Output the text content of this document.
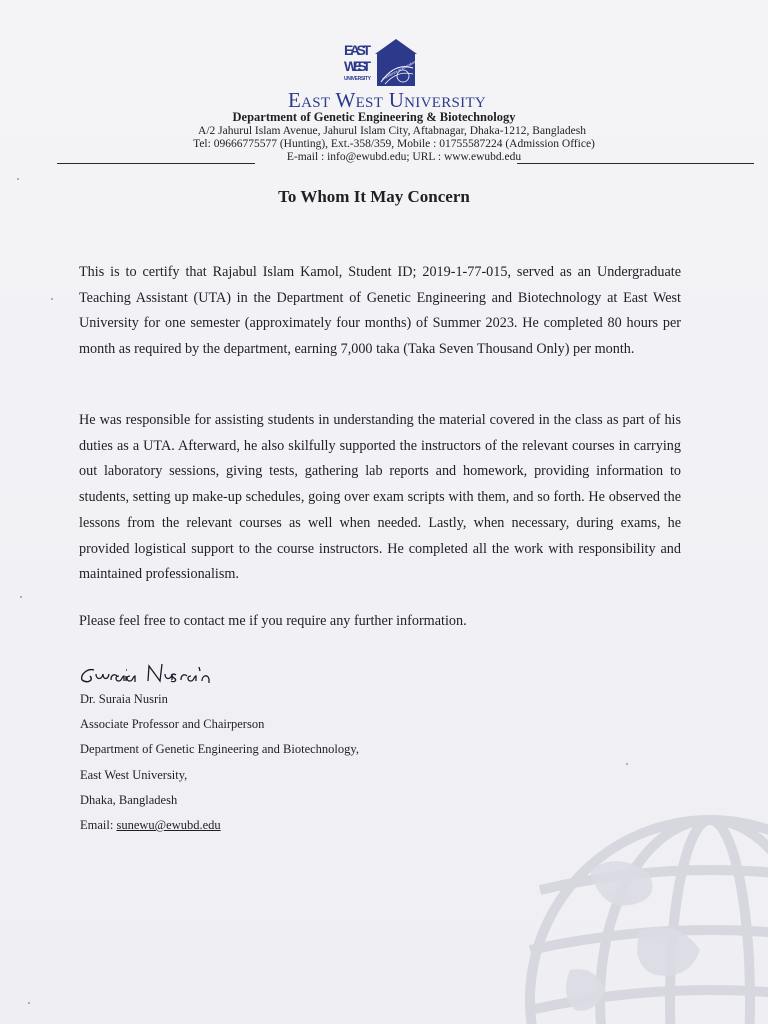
EAST
WEST
UNIVERSITY	excellence in education
East West University
Department of Genetic Engineering & Biotechnology
A/2 Jahurul Islam Avenue, Jahurul Islam City, Aftabnagar, Dhaka-1212, Bangladesh
Tel: 09666775577 (Hunting), Ext.-358/359, Mobile : 01755587224 (Admission Office)
E-mail : info@ewubd.edu; URL : www.ewubd.edu
To Whom It May Concern

This is to certify that Rajabul Islam Kamol, Student ID; 2019-1-77-015, served as an Undergraduate Teaching Assistant (UTA) in the Department of Genetic Engineering and Biotechnology at East West University for one semester (approximately four months) of Summer 2023. He completed 80 hours per month as required by the department, earning 7,000 taka (Taka Seven Thousand Only) per month.

He was responsible for assisting students in understanding the material covered in the class as part of his duties as a UTA. Afterward, he also skilfully supported the instructors of the relevant courses in carrying out laboratory sessions, giving tests, gathering lab reports and homework, providing information to students, setting up make-up schedules, going over exam scripts with them, and so forth. He observed the lessons from the relevant courses as well when needed. Lastly, when necessary, during exams, he provided logistical support to the course instructors. He completed all the work with responsibility and maintained professionalism.

Please feel free to contact me if you require any further information.

Suraia Nusrin
Dr. Suraia Nusrin
Associate Professor and Chairperson
Department of Genetic Engineering and Biotechnology,
East West University,
Dhaka, Bangladesh
Email: sunewu@ewubd.edu
